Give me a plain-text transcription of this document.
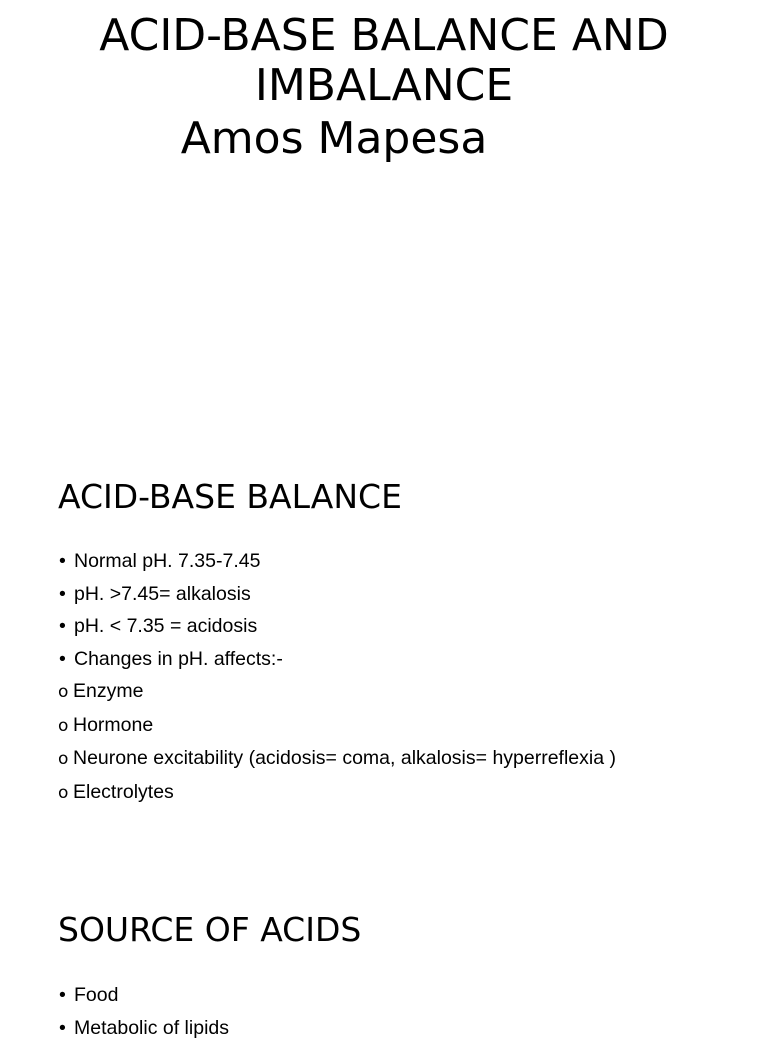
ACID-BASE BALANCE AND
IMBALANCE
Amos Mapesa
ACID-BASE BALANCE
• Normal pH. 7.35-7.45
• pH. >7.45= alkalosis
• pH. < 7.35 = acidosis
• Changes in pH. affects:-
o Enzyme
o Hormone
o Neurone excitability (acidosis= coma, alkalosis= hyperreflexia )
o Electrolytes
SOURCE OF ACIDS
• Food
• Metabolic of lipids
